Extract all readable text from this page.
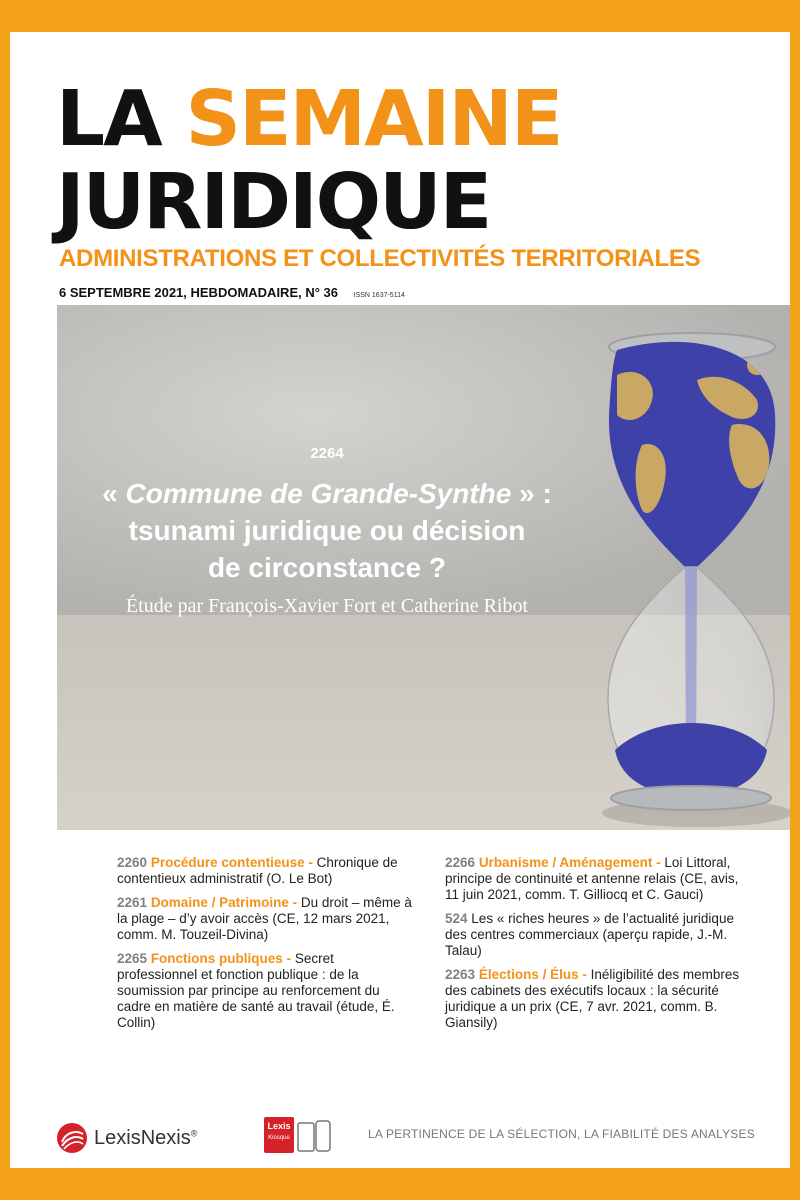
LA SEMAINE
JURIDIQUE
ADMINISTRATIONS ET COLLECTIVITÉS TERRITORIALES
6 SEPTEMBRE 2021, HEBDOMADAIRE, N° 36 ISSN 1637-5114
2264
« Commune de Grande-Synthe » :
tsunami juridique ou décision
de circonstance ?
Étude par François-Xavier Fort et Catherine Ribot

2260 Procédure contentieuse - Chronique de contentieux administratif (O. Le Bot)

2261 Domaine / Patrimoine - Du droit – même à la plage – d’y avoir accès (CE, 12 mars 2021, comm. M. Touzeil-Divina)

2265 Fonctions publiques - Secret professionnel et fonction publique : de la soumission par principe au renforcement du cadre en matière de santé au travail (étude, É. Collin)

2266 Urbanisme / Aménagement - Loi Littoral, principe de continuité et antenne relais (CE, avis, 11 juin 2021, comm. T. Gilliocq et C. Gauci)

524 Les « riches heures » de l’actualité juridique des centres commerciaux (aperçu rapide, J.-M. Talau)

2263 Élections / Élus - Inéligibilité des membres des cabinets des exécutifs locaux : la sécurité juridique a un prix (CE, 7 avr. 2021, comm. B. Giansily)

LexisNexis®
Lexis
Kiosque	LA PERTINENCE DE LA SÉLECTION, LA FIABILITÉ DES ANALYSES
